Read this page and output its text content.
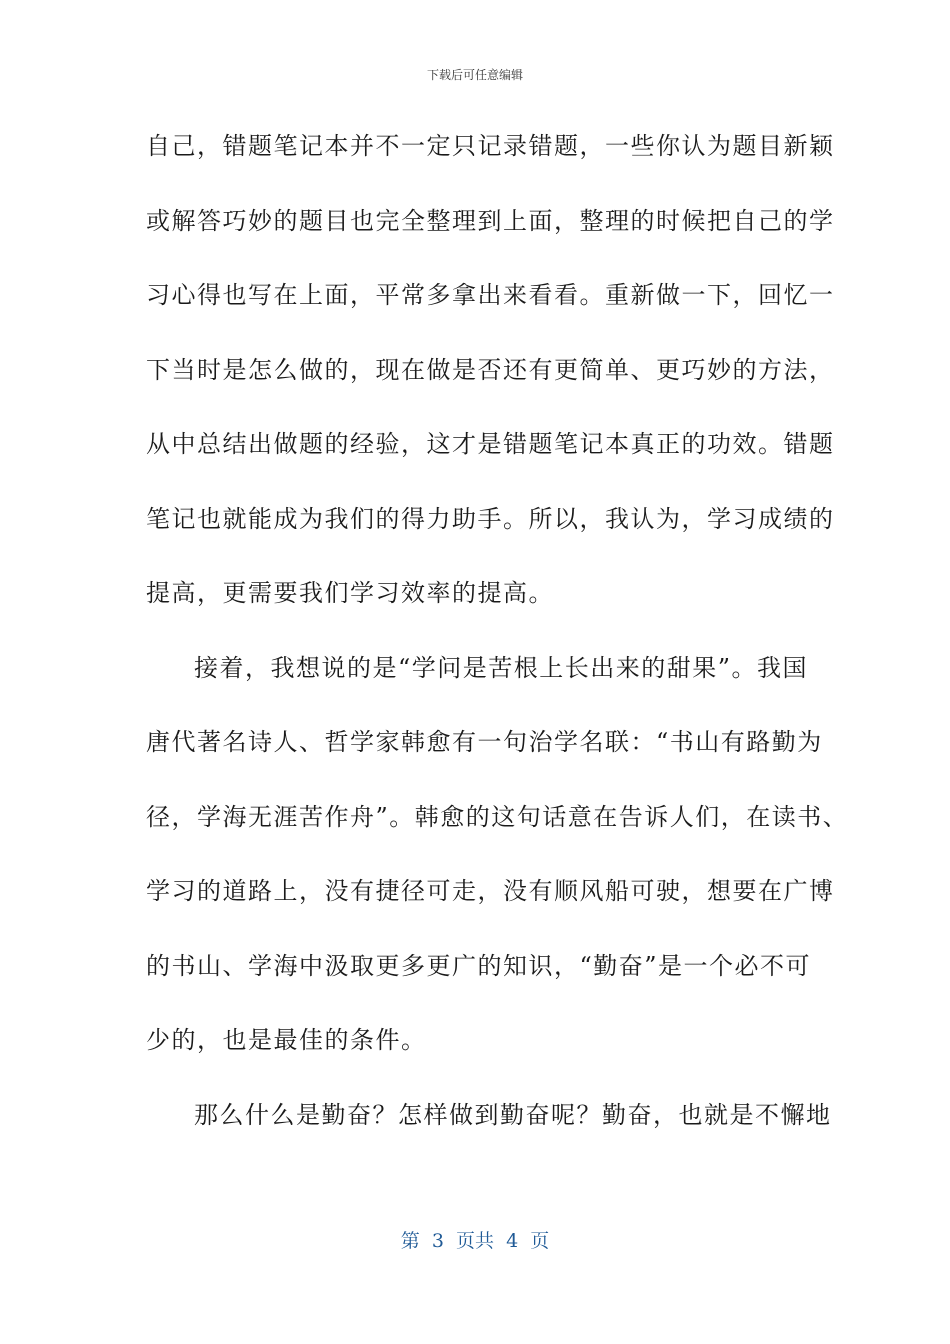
下载后可任意编辑
自己，错题笔记本并不一定只记录错题，一些你认为题目新颖
或解答巧妙的题目也完全整理到上面，整理的时候把自己的学
习心得也写在上面，平常多拿出来看看。重新做一下，回忆一
下当时是怎么做的，现在做是否还有更简单、更巧妙的方法，
从中总结出做题的经验，这才是错题笔记本真正的功效。错题
笔记也就能成为我们的得力助手。所以，我认为，学习成绩的
提高，更需要我们学习效率的提高。
接着，我想说的是“学问是苦根上长出来的甜果”。我国
唐代著名诗人、哲学家韩愈有一句治学名联：“书山有路勤为
径，学海无涯苦作舟”。韩愈的这句话意在告诉人们，在读书、
学习的道路上，没有捷径可走，没有顺风船可驶，想要在广博
的书山、学海中汲取更多更广的知识，“勤奋”是一个必不可
少的，也是最佳的条件。
那么什么是勤奋？怎样做到勤奋呢？勤奋，也就是不懈地
第  3  页共  4  页
